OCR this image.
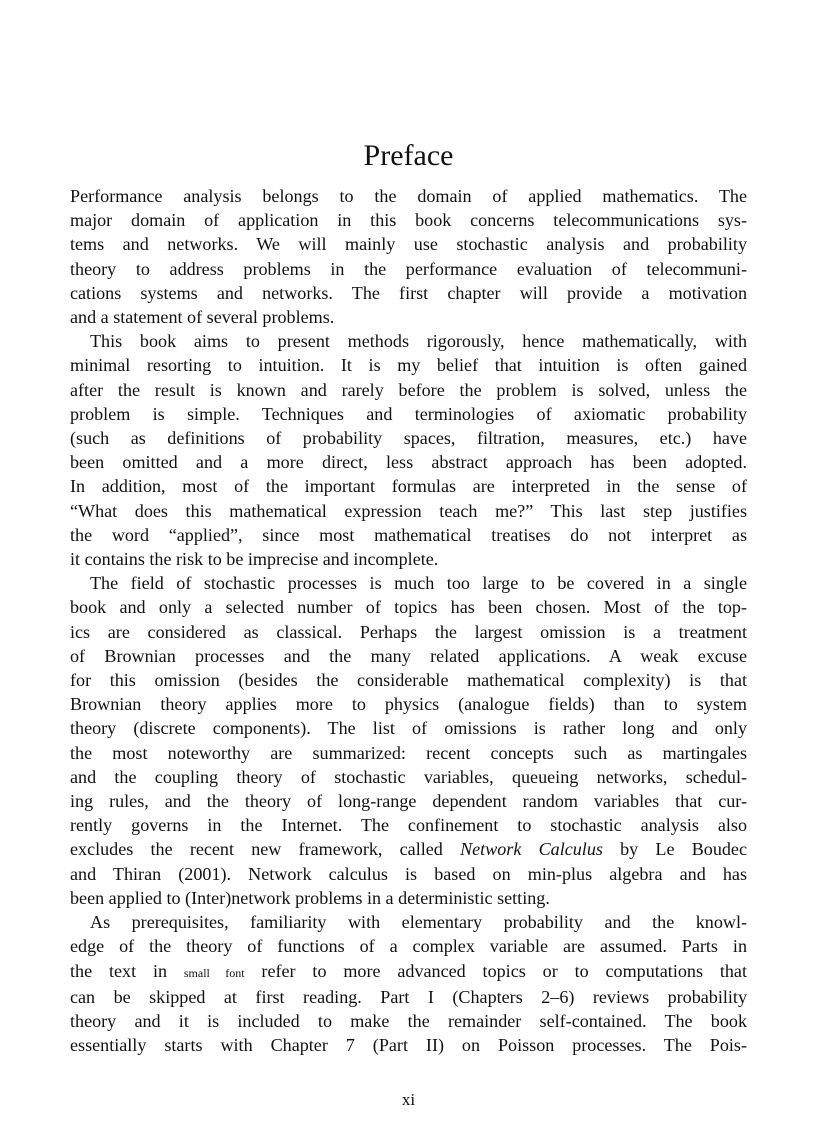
Preface

Performance analysis belongs to the domain of applied mathematics. The
major domain of application in this book concerns telecommunications sys-
tems and networks. We will mainly use stochastic analysis and probability
theory to address problems in the performance evaluation of telecommuni-
cations systems and networks. The first chapter will provide a motivation
and a statement of several problems.

This book aims to present methods rigorously, hence mathematically, with
minimal resorting to intuition. It is my belief that intuition is often gained
after the result is known and rarely before the problem is solved, unless the
problem is simple. Techniques and terminologies of axiomatic probability
(such as definitions of probability spaces, filtration, measures, etc.) have
been omitted and a more direct, less abstract approach has been adopted.
In addition, most of the important formulas are interpreted in the sense of
“What does this mathematical expression teach me?” This last step justifies
the word “applied”, since most mathematical treatises do not interpret as
it contains the risk to be imprecise and incomplete.

The field of stochastic processes is much too large to be covered in a single
book and only a selected number of topics has been chosen. Most of the top-
ics are considered as classical. Perhaps the largest omission is a treatment
of Brownian processes and the many related applications. A weak excuse
for this omission (besides the considerable mathematical complexity) is that
Brownian theory applies more to physics (analogue fields) than to system
theory (discrete components). The list of omissions is rather long and only
the most noteworthy are summarized: recent concepts such as martingales
and the coupling theory of stochastic variables, queueing networks, schedul-
ing rules, and the theory of long-range dependent random variables that cur-
rently governs in the Internet. The confinement to stochastic analysis also
excludes the recent new framework, called Network Calculus by Le Boudec
and Thiran (2001). Network calculus is based on min-plus algebra and has
been applied to (Inter)network problems in a deterministic setting.

As prerequisites, familiarity with elementary probability and the knowl-
edge of the theory of functions of a complex variable are assumed. Parts in
the text in small font refer to more advanced topics or to computations that
can be skipped at first reading. Part I (Chapters 2–6) reviews probability
theory and it is included to make the remainder self-contained. The book
essentially starts with Chapter 7 (Part II) on Poisson processes. The Pois-

xi
